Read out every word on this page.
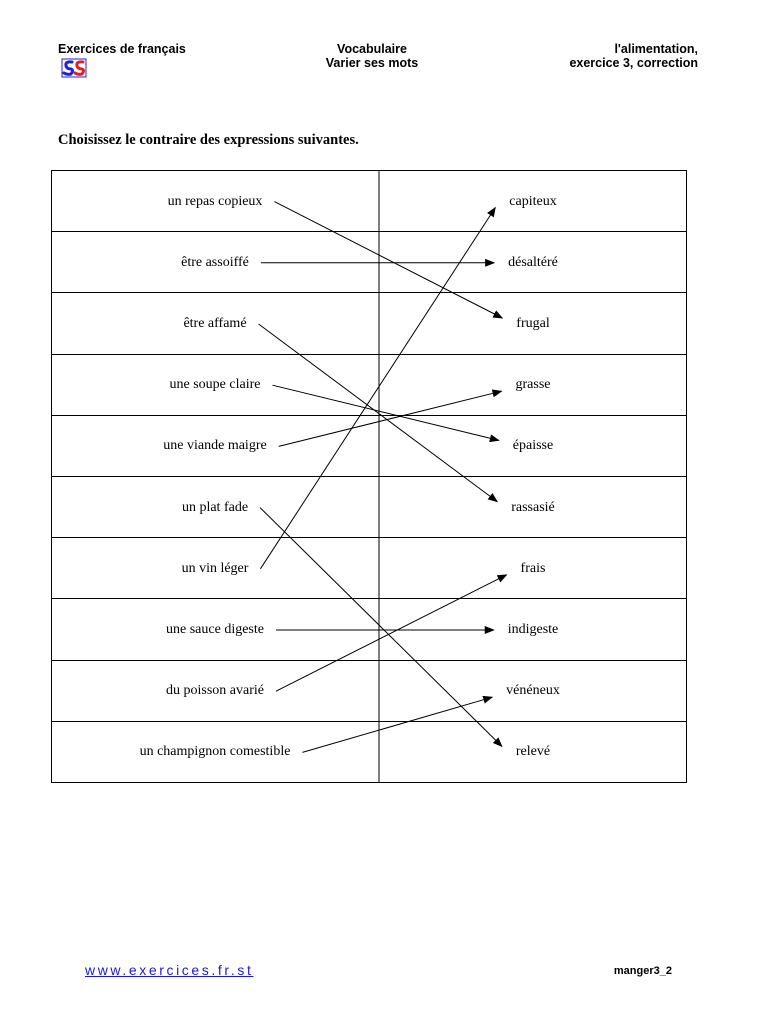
Exercices de français	Vocabulaire
Varier ses mots
l'alimentation,
exercice 3, correction
Choisissez le contraire des expressions suivantes.
un repas copieux	capiteux
être assoiffé	désaltéré
être affamé	frugal
une soupe claire	grasse
une viande maigre	épaisse
un plat fade	rassasié
un vin léger	frais
une sauce digeste	indigeste
du poisson avarié	vénéneux
un champignon comestible	relevé
www.exercices.fr.st	manger3_2
